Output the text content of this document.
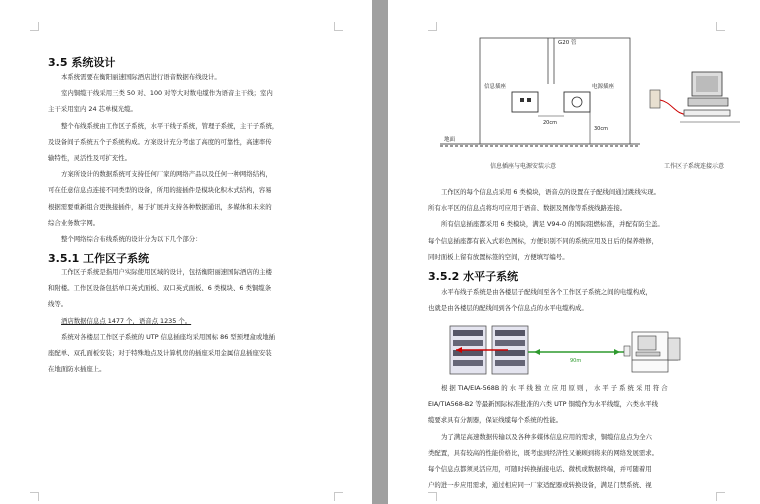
3.5 系统设计
本系统需要在衡阳丽速国际酒店进行语音数据布线设计。
室内铜缆干线采用三类 50 对、100 对等大对数电缆作为语音主干线；室内
主干采用室内 24 芯单模光缆。
整个布线系统由工作区子系统，水平干线子系统，管理子系统，主干子系统，
及设备间子系统五个子系统构成。方案设计充分考虑了高度的可靠性，高速率传
输特性，灵活性及可扩充性。
方案所设计的数据系统可支持任何厂家的网络产品以及任何一种网络结构，
可在任意信息点连接不同类型的设备，所用的接插件是模块化积木式结构，容易
根据需要重新组合更换接插件，易于扩展并支持各种数据通讯，多媒体和未来的
综合业务数字网。
整个网络综合布线系统的设计分为以下几个部分：
3.5.1 工作区子系统
工作区子系统是指用户实际使用区域的设计，包括衡阳丽速国际酒店的主楼
和附楼。工作区设备包括单口英式面板、双口英式面板、6 类模块、6 类铜缆条
线等。
酒店数据信息点 1477 个，语音点 1235 个。
系统对各楼层工作区子系统的 UTP 信息插座均采用国标 86 型预埋盒或地插
座配单、双孔面板安装；对于特殊地点及计算机房的插座采用金属信息插座安装
在地面防水插座上。
G20 管
信息插座	电源插座
20cm
30cm
地面
信息插座与电源安装示意	工作区子系统连接示意
工作区的每个信息点采用 6 类模块，语音点的设置在子配线间通过跳线实现。
所有水平区的信息点将均可应用于语音、数据及图像等系统线路连接。
所有信息插座都采用 6 类模块，满足 V94-0 的国际阻燃标准，并配有防尘盖。
每个信息插座都有嵌入式彩色图标，方便识别不同的系统应用及日后的保养维修，
同时面板上留有放置标签的空间，方便填写编号。
3.5.2 水平子系统
水平布线子系统是由各楼层子配线间至各个工作区子系统之间的电缆构成，
也就是由各楼层的配线间到各个信息点的水平电缆构成。
90m
根 据 TIA/EIA-568B 的 水 平 线 独 立 应 用 原 则 ， 水 平 子 系 统 采 用 符 合
EIA/TIA568-B2 等最新国际标准批准的六类 UTP 铜缆作为水平线缆，六类水平线
缆要求具有分割器，保证线缆每个系统的性能。
为了满足高速数据传输以及各种多媒体信息应用的需求，铜缆信息点为全六
类配置，具有较高的性能价格比，既考虑到经济性又兼顾到将来的网络发展需求。
每个信息点都须灵活应用，可随时转换插接电话、微机或数据终端，并可随着用
户的进一步应用需求，通过相应同一厂家适配器或转换设备，满足门禁系统、视
